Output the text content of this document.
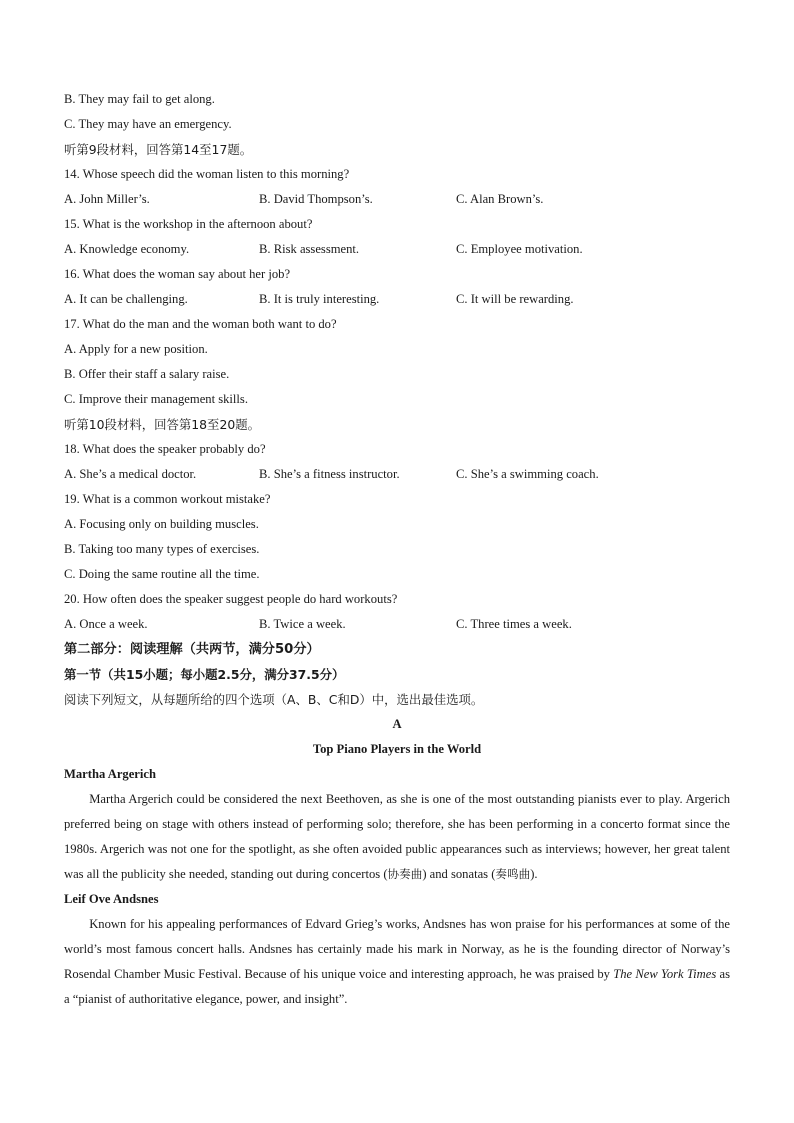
B. They may fail to get along.
C. They may have an emergency.
听第9段材料，回答第14至17题。
14. Whose speech did the woman listen to this morning?
A. John Miller’s.	B. David Thompson’s.	C. Alan Brown’s.
15. What is the workshop in the afternoon about?
A. Knowledge economy.	B. Risk assessment.	C. Employee motivation.
16. What does the woman say about her job?
A. It can be challenging.	B. It is truly interesting.	C. It will be rewarding.
17. What do the man and the woman both want to do?
A. Apply for a new position.
B. Offer their staff a salary raise.
C. Improve their management skills.
听第10段材料，回答第18至20题。
18. What does the speaker probably do?
A. She’s a medical doctor.	B. She’s a fitness instructor.	C. She’s a swimming coach.
19. What is a common workout mistake?
A. Focusing only on building muscles.
B. Taking too many types of exercises.
C. Doing the same routine all the time.
20. How often does the speaker suggest people do hard workouts?
A. Once a week.	B. Twice a week.	C. Three times a week.
第二部分：阅读理解（共两节，满分50分）
第一节（共15小题；每小题2.5分，满分37.5分）
阅读下列短文，从每题所给的四个选项（A、B、C和D）中，选出最佳选项。
A
Top Piano Players in the World
Martha Argerich

Martha Argerich could be considered the next Beethoven, as she is one of the most outstanding pianists ever to play. Argerich preferred being on stage with others instead of performing solo; therefore, she has been performing in a concerto format since the 1980s. Argerich was not one for the spotlight, as she often avoided public appearances such as interviews; however, her great talent was all the publicity she needed, standing out during concertos (协奏曲) and sonatas (奏鸣曲).

Leif Ove Andsnes

Known for his appealing performances of Edvard Grieg’s works, Andsnes has won praise for his performances at some of the world’s most famous concert halls. Andsnes has certainly made his mark in Norway, as he is the founding director of Norway’s Rosendal Chamber Music Festival. Because of his unique voice and interesting approach, he was praised by The New York Times as a “pianist of authoritative elegance, power, and insight”.
